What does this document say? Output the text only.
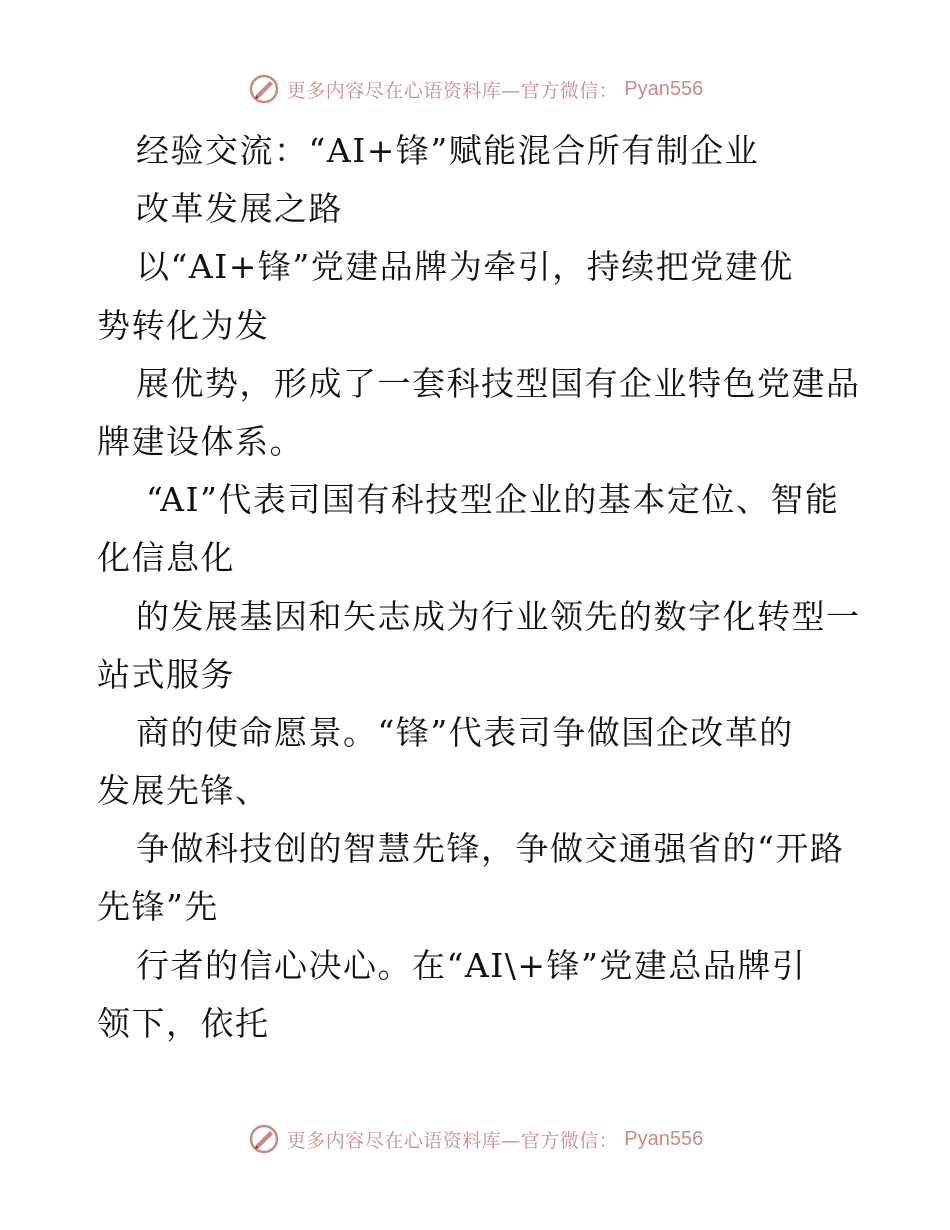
更多内容尽在心语资料库—官方微信： Pyan556
经验交流：“AI+锋”赋能混合所有制企业
改革发展之路
以“AI+锋”党建品牌为牵引，持续把党建优
势转化为发
展优势，形成了一套科技型国有企业特色党建品
牌建设体系。
“AI”代表司国有科技型企业的基本定位、智能
化信息化
的发展基因和矢志成为行业领先的数字化转型一
站式服务
商的使命愿景。“锋”代表司争做国企改革的
发展先锋、
争做科技创的智慧先锋，争做交通强省的“开路
先锋”先
行者的信心决心。在“AI\+锋”党建总品牌引
领下，依托
更多内容尽在心语资料库—官方微信： Pyan556
